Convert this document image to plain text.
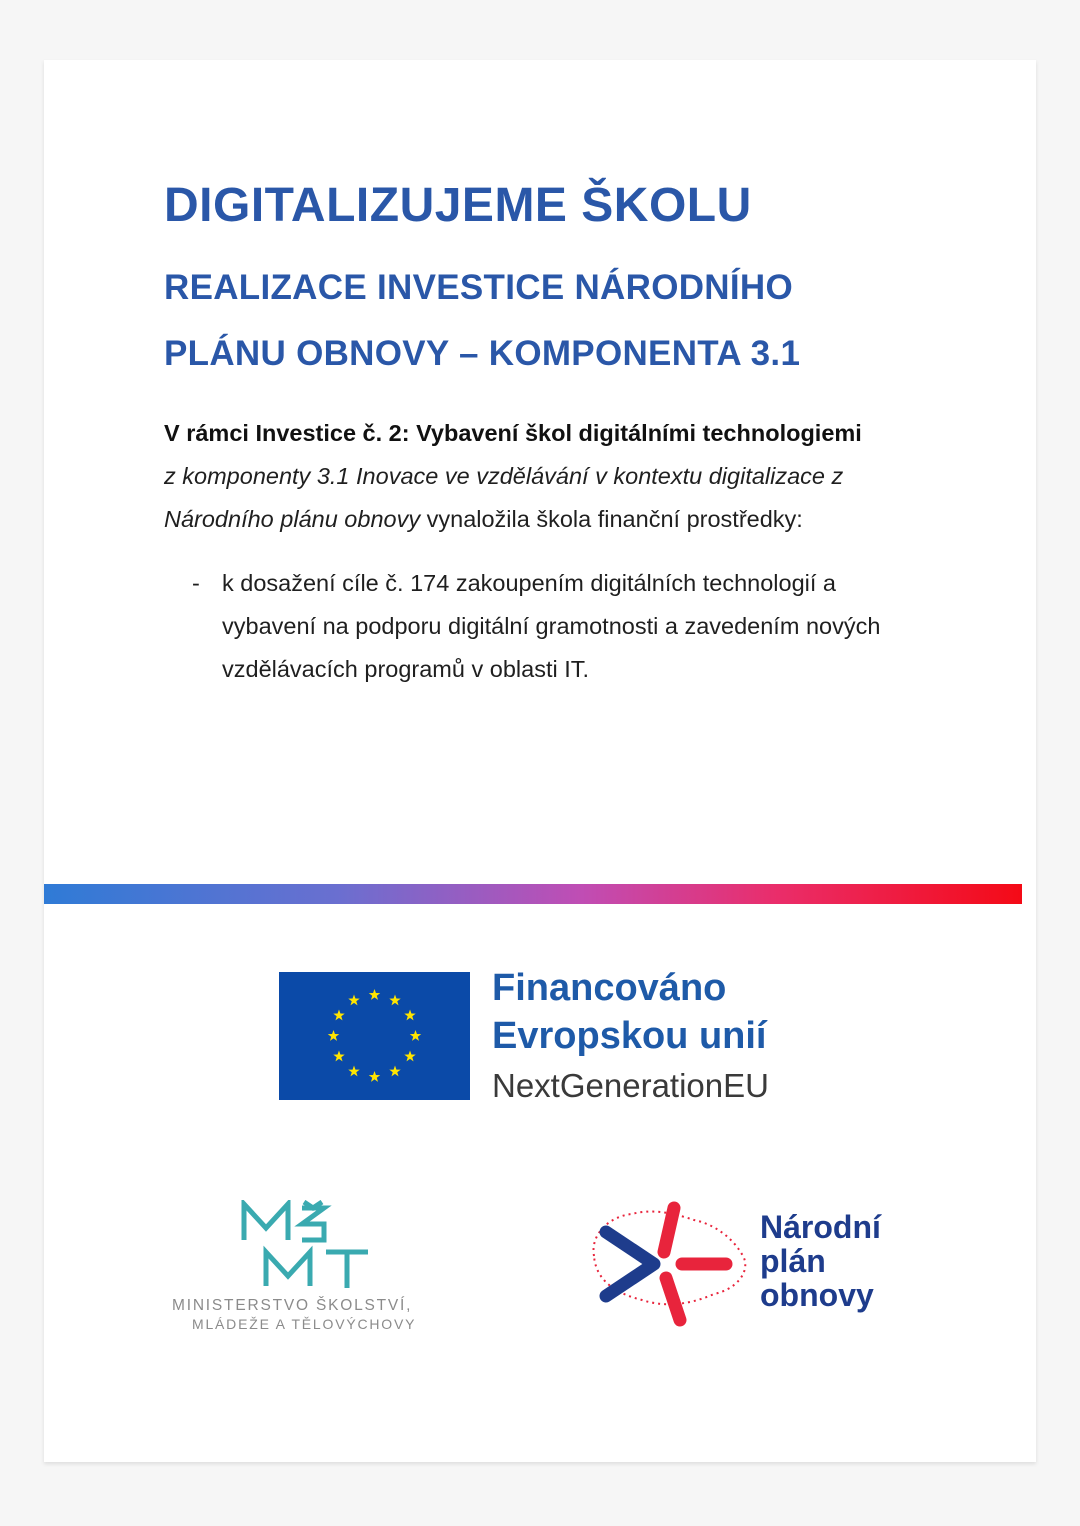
DIGITALIZUJEME ŠKOLU
REALIZACE INVESTICE NÁRODNÍHO
PLÁNU OBNOVY – KOMPONENTA 3.1
V rámci Investice č. 2: Vybavení škol digitálními technologiemi
z komponenty 3.1 Inovace ve vzdělávání v kontextu digitalizace z Národního plánu obnovy vynaložila škola finanční prostředky:
- k dosažení cíle č. 174 zakoupením digitálních technologií a vybavení na podporu digitální gramotnosti a zavedením nových vzdělávacích programů v oblasti IT.
Financováno
Evropskou unií
NextGenerationEU
MINISTERSTVO ŠKOLSTVÍ,
MLÁDEŽE A TĚLOVÝCHOVY
Národní
plán
obnovy
